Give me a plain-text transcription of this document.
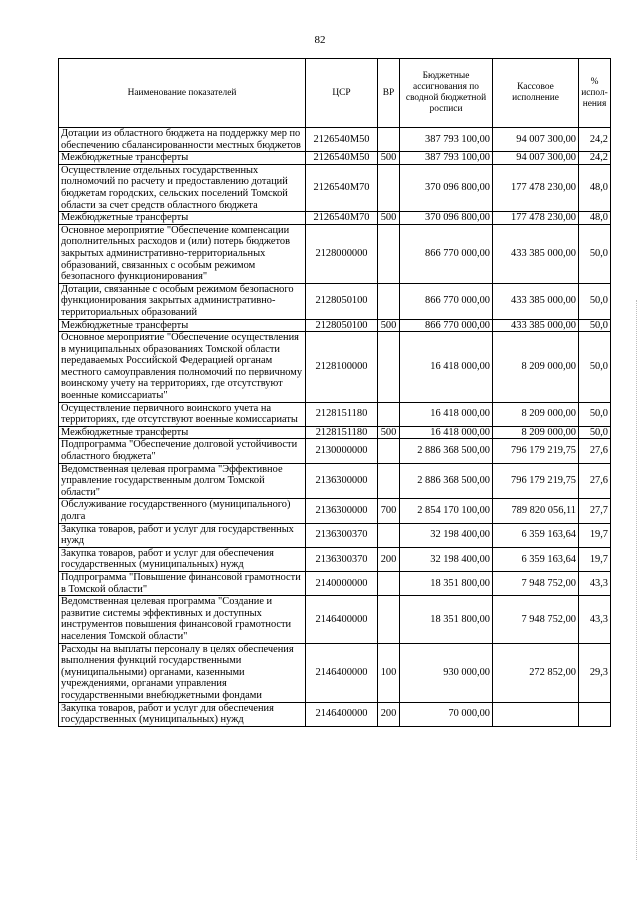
82
Наименование показателей	ЦСР	ВР	Бюджетные ассигнования по сводной бюджетной росписи	Кассовое исполнение	% испол-нения
Дотации из областного бюджета на поддержку мер по обеспечению сбалансированности местных бюджетов	2126540M50		387 793 100,00	94 007 300,00	24,2
Межбюджетные трансферты	2126540M50	500	387 793 100,00	94 007 300,00	24,2
Осуществление отдельных государственных полномочий по расчету и предоставлению дотаций бюджетам городских, сельских поселений Томской области за счет средств областного бюджета	2126540M70		370 096 800,00	177 478 230,00	48,0
Межбюджетные трансферты	2126540M70	500	370 096 800,00	177 478 230,00	48,0
Основное мероприятие "Обеспечение компенсации дополнительных расходов и (или) потерь бюджетов закрытых административно-территориальных образований, связанных с особым режимом безопасного функционирования"	2128000000		866 770 000,00	433 385 000,00	50,0
Дотации, связанные с особым режимом безопасного функционирования закрытых административно-территориальных образований	2128050100		866 770 000,00	433 385 000,00	50,0
Межбюджетные трансферты	2128050100	500	866 770 000,00	433 385 000,00	50,0
Основное мероприятие "Обеспечение осуществления в муниципальных образованиях Томской области передаваемых Российской Федерацией органам местного самоуправления полномочий по первичному воинскому учету на территориях, где отсутствуют военные комиссариаты"	2128100000		16 418 000,00	8 209 000,00	50,0
Осуществление первичного воинского учета на территориях, где отсутствуют военные комиссариаты	2128151180		16 418 000,00	8 209 000,00	50,0
Межбюджетные трансферты	2128151180	500	16 418 000,00	8 209 000,00	50,0
Подпрограмма "Обеспечение долговой устойчивости областного бюджета"	2130000000		2 886 368 500,00	796 179 219,75	27,6
Ведомственная целевая программа "Эффективное управление государственным долгом Томской области"	2136300000		2 886 368 500,00	796 179 219,75	27,6
Обслуживание государственного (муниципального) долга	2136300000	700	2 854 170 100,00	789 820 056,11	27,7
Закупка товаров, работ и услуг для государственных нужд	2136300370		32 198 400,00	6 359 163,64	19,7
Закупка товаров, работ и услуг для обеспечения государственных (муниципальных) нужд	2136300370	200	32 198 400,00	6 359 163,64	19,7
Подпрограмма "Повышение финансовой грамотности в Томской области"	2140000000		18 351 800,00	7 948 752,00	43,3
Ведомственная целевая программа "Создание и развитие системы эффективных и доступных инструментов повышения финансовой грамотности населения Томской области"	2146400000		18 351 800,00	7 948 752,00	43,3
Расходы на выплаты персоналу в целях обеспечения выполнения функций государственными (муниципальными) органами, казенными учреждениями, органами управления государственными внебюджетными фондами	2146400000	100	930 000,00	272 852,00	29,3
Закупка товаров, работ и услуг для обеспечения государственных (муниципальных) нужд	2146400000	200	70 000,00		
